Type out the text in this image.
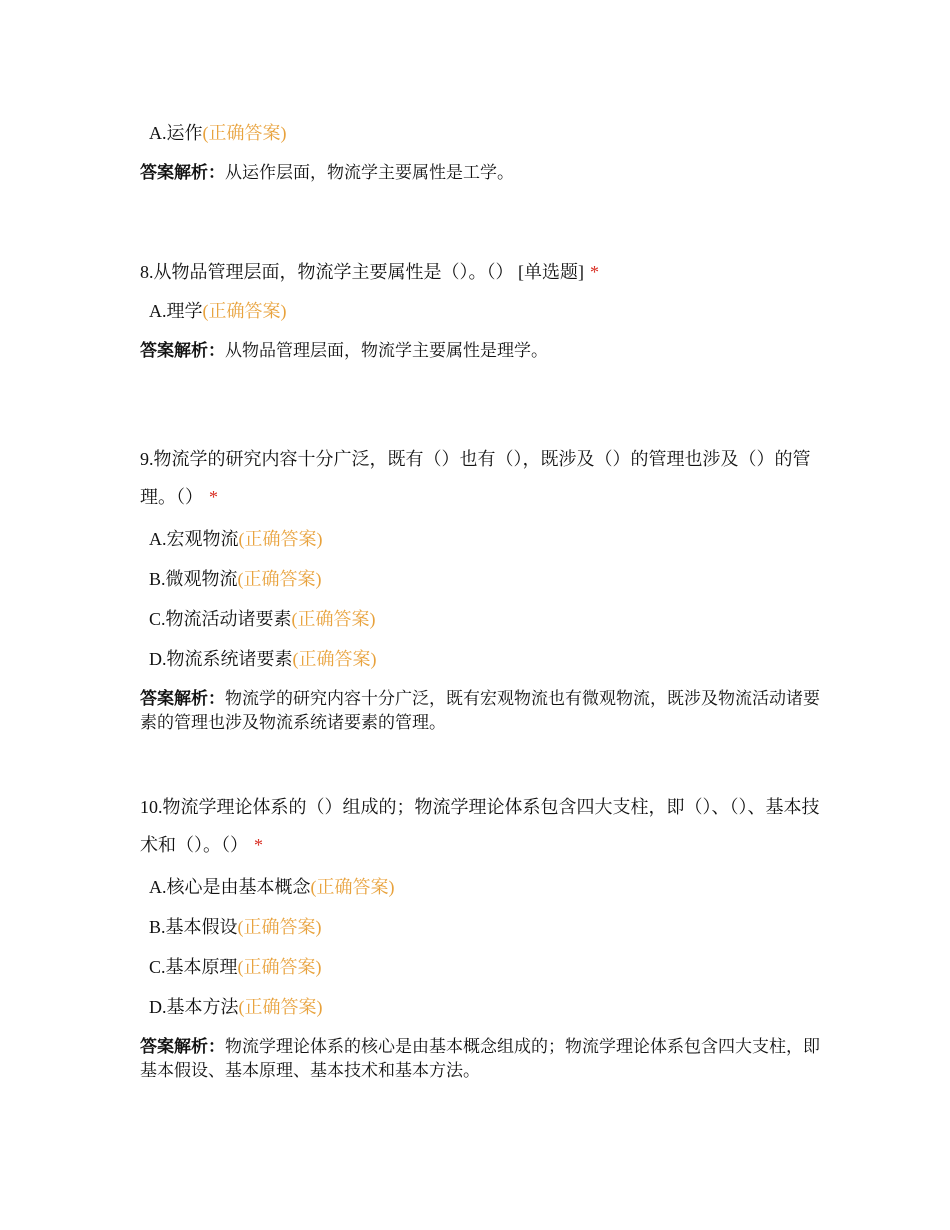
A.运作(正确答案)

答案解析：从运作层面，物流学主要属性是工学。

8.从物品管理层面，物流学主要属性是（）。（） [单选题] *

A.理学(正确答案)

答案解析：从物品管理层面，物流学主要属性是理学。

9.物流学的研究内容十分广泛，既有（）也有（），既涉及（）的管理也涉及（）的管理。（） *

A.宏观物流(正确答案)
B.微观物流(正确答案)
C.物流活动诸要素(正确答案)
D.物流系统诸要素(正确答案)

答案解析：物流学的研究内容十分广泛，既有宏观物流也有微观物流，既涉及物流活动诸要素的管理也涉及物流系统诸要素的管理。

10.物流学理论体系的（）组成的；物流学理论体系包含四大支柱，即（）、（）、基本技术和（）。（） *

A.核心是由基本概念(正确答案)
B.基本假设(正确答案)
C.基本原理(正确答案)
D.基本方法(正确答案)

答案解析：物流学理论体系的核心是由基本概念组成的；物流学理论体系包含四大支柱，即基本假设、基本原理、基本技术和基本方法。
